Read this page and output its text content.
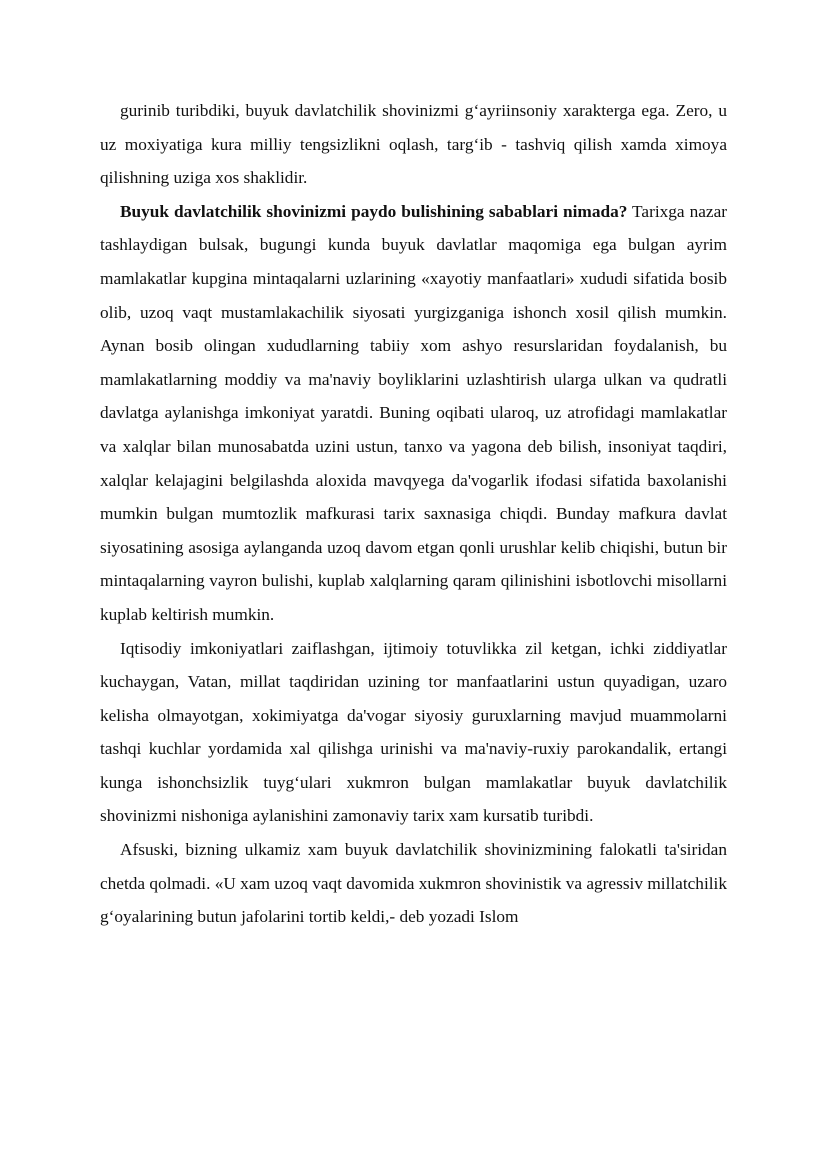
gurinib turibdiki, buyuk davlatchilik shovinizmi g‘ayriinsoniy xarakterga ega. Zero, u uz moxiyatiga kura milliy tengsizlikni oqlash, targ‘ib - tashviq qilish xamda ximoya qilishning uziga xos shaklidir.

Buyuk davlatchilik shovinizmi paydo bulishining sabablari nimada? Tarixga nazar tashlaydigan bulsak, bugungi kunda buyuk davlatlar maqomiga ega bulgan ayrim mamlakatlar kupgina mintaqalarni uzlarining «xayotiy manfaatlari» xududi sifatida bosib olib, uzoq vaqt mustamlakachilik siyosati yurgizganiga ishonch xosil qilish mumkin. Aynan bosib olingan xududlarning tabiiy xom ashyo resurslaridan foydalanish, bu mamlakatlarning moddiy va ma'naviy boyliklarini uzlashtirish ularga ulkan va qudratli davlatga aylanishga imkoniyat yaratdi. Buning oqibati ularoq, uz atrofidagi mamlakatlar va xalqlar bilan munosabatda uzini ustun, tanxo va yagona deb bilish, insoniyat taqdiri, xalqlar kelajagini belgilashda aloxida mavqyega da'vogarlik ifodasi sifatida baxolanishi mumkin bulgan mumtozlik mafkurasi tarix saxnasiga chiqdi. Bunday mafkura davlat siyosatining asosiga aylanganda uzoq davom etgan qonli urushlar kelib chiqishi, butun bir mintaqalarning vayron bulishi, kuplab xalqlarning qaram qilinishini isbotlovchi misollarni kuplab keltirish mumkin.

Iqtisodiy imkoniyatlari zaiflashgan, ijtimoiy totuvlikka zil ketgan, ichki ziddiyatlar kuchaygan, Vatan, millat taqdiridan uzining tor manfaatlarini ustun quyadigan, uzaro kelisha olmayotgan, xokimiyatga da'vogar siyosiy guruxlarning mavjud muammolarni tashqi kuchlar yordamida xal qilishga urinishi va ma'naviy-ruxiy parokandalik, ertangi kunga ishonchsizlik tuyg‘ulari xukmron bulgan mamlakatlar buyuk davlatchilik shovinizmi nishoniga aylanishini zamonaviy tarix xam kursatib turibdi.

Afsuski, bizning ulkamiz xam buyuk davlatchilik shovinizmining falokatli ta'siridan chetda qolmadi. «U xam uzoq vaqt davomida xukmron shovinistik va agressiv millatchilik g‘oyalarining butun jafolarini tortib keldi,- deb yozadi Islom
